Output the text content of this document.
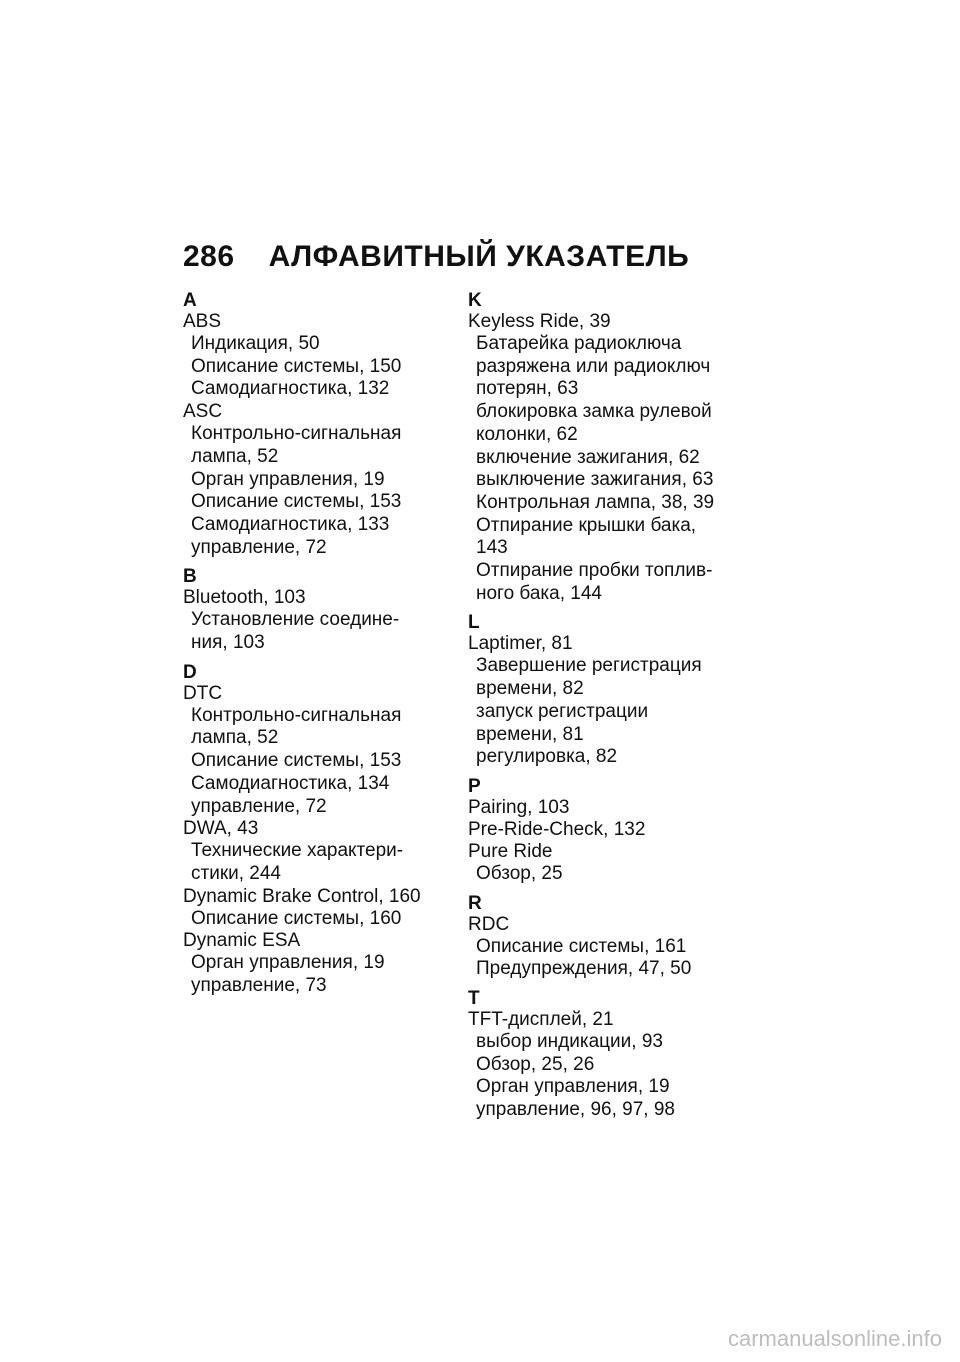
286 АЛФАВИТНЫЙ УКАЗАТЕЛЬ
A
ABS
Индикация, 50
Описание системы, 150
Самодиагностика, 132
ASC
Контрольно-сигнальная
лампа, 52
Орган управления, 19
Описание системы, 153
Самодиагностика, 133
управление, 72
B
Bluetooth, 103
Установление соедине-
ния, 103
D
DTC
Контрольно-сигнальная
лампа, 52
Описание системы, 153
Самодиагностика, 134
управление, 72
DWA, 43
Технические характери-
стики, 244
Dynamic Brake Control, 160
Описание системы, 160
Dynamic ESA
Орган управления, 19
управление, 73
K
Keyless Ride, 39
Батарейка радиоключа
разряжена или радиоключ
потерян, 63
блокировка замка рулевой
колонки, 62
включение зажигания, 62
выключение зажигания, 63
Контрольная лампа, 38, 39
Отпирание крышки бака, 143
Отпирание пробки топлив-
ного бака, 144
L
Laptimer, 81
Завершение регистрация
времени, 82
запуск регистрации
времени, 81
регулировка, 82
P
Pairing, 103
Pre-Ride-Check, 132
Pure Ride
Обзор, 25
R
RDC
Описание системы, 161
Предупреждения, 47, 50
T
TFT-дисплей, 21
выбор индикации, 93
Обзор, 25, 26
Орган управления, 19
управление, 96, 97, 98
carmanualsonline.info
